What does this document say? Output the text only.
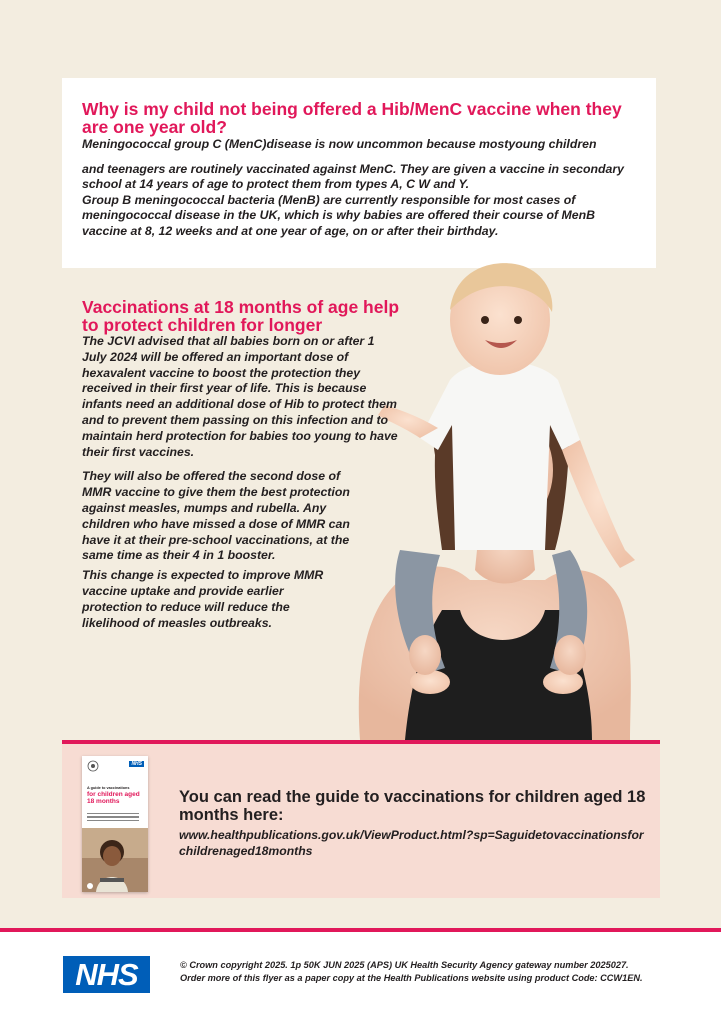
Why is my child not being offered a Hib/MenC vaccine when they are one year old?

Meningococcal group C (MenC)disease is now uncommon because mostyoung children

and teenagers are routinely vaccinated against MenC. They are given a vaccine in secondary school at 14 years of age to protect them from types A, C W and Y.

Group B meningococcal bacteria (MenB) are currently responsible for most cases of meningococcal disease in the UK, which is why babies are offered their course of MenB vaccine at 8, 12 weeks and at one year of age, on or after their birthday.

Vaccinations at 18 months of age help to protect children for longer

The JCVI advised that all babies born on or after 1 July 2024 will be offered an important dose of hexavalent vaccine to boost the protection they received in their first year of life. This is because infants need an additional dose of Hib to protect them and to prevent them passing on this infection and to maintain herd protection for babies too young to have their first vaccines.

They will also be offered the second dose of MMR vaccine to give them the best protection against measles, mumps and rubella. Any children who have missed a dose of MMR can have it at their pre-school vaccinations, at the same time as their 4 in 1 booster.

This change is expected to improve MMR vaccine uptake and provide earlier protection to reduce will reduce the likelihood of measles outbreaks.

NHS
A guide to vaccinations
for children aged 18 months	You can read the guide to vaccinations for children aged 18 months here:
www.healthpublications.gov.uk/ViewProduct.html?sp=Saguidetovaccinationsforchildrenaged18months
NHS	© Crown copyright 2025. 1p 50K JUN 2025 (APS) UK Health Security Agency gateway number 2025027.
Order more of this flyer as a paper copy at the Health Publications website using product Code: CCW1EN.
